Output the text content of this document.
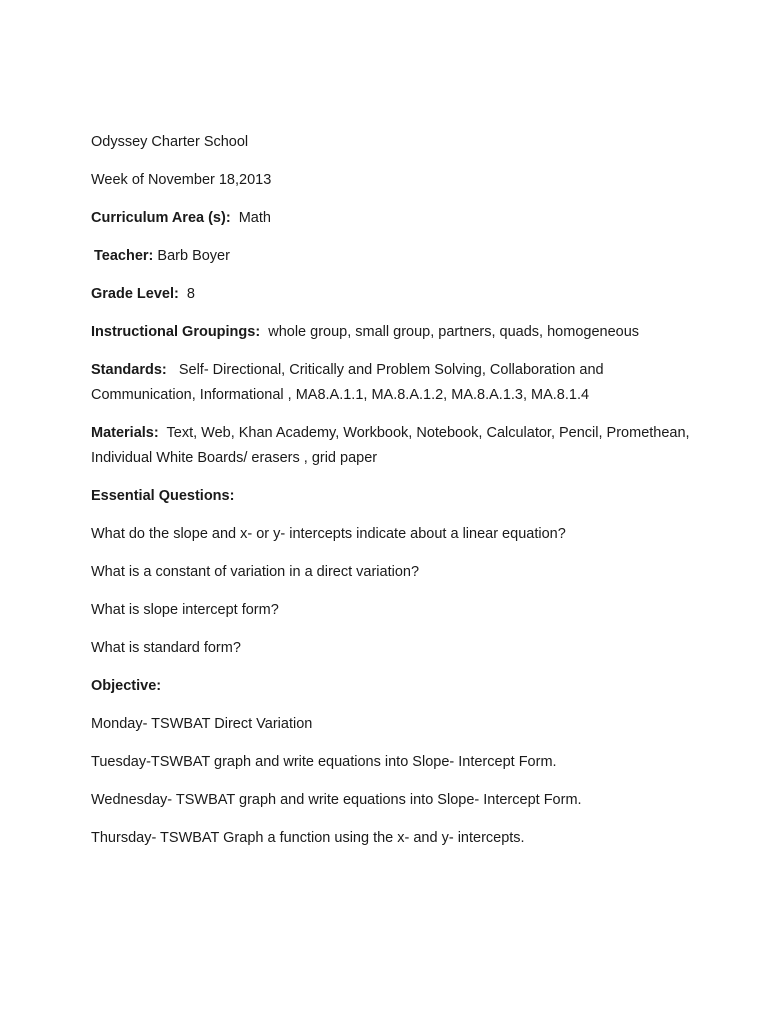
Odyssey Charter School
Week of November 18,2013
Curriculum Area (s): Math
Teacher: Barb Boyer
Grade Level: 8
Instructional Groupings: whole group, small group, partners, quads, homogeneous
Standards: Self- Directional, Critically and Problem Solving, Collaboration and Communication, Informational , MA8.A.1.1, MA.8.A.1.2, MA.8.A.1.3, MA.8.1.4
Materials: Text, Web, Khan Academy, Workbook, Notebook, Calculator, Pencil, Promethean, Individual White Boards/ erasers , grid paper
Essential Questions:
What do the slope and x- or y- intercepts indicate about a linear equation?
What is a constant of variation in a direct variation?
What is slope intercept form?
What is standard form?
Objective:
Monday- TSWBAT Direct Variation
Tuesday-TSWBAT graph and write equations into Slope- Intercept Form.
Wednesday- TSWBAT graph and write equations into Slope- Intercept Form.
Thursday- TSWBAT Graph a function using the x- and y- intercepts.
